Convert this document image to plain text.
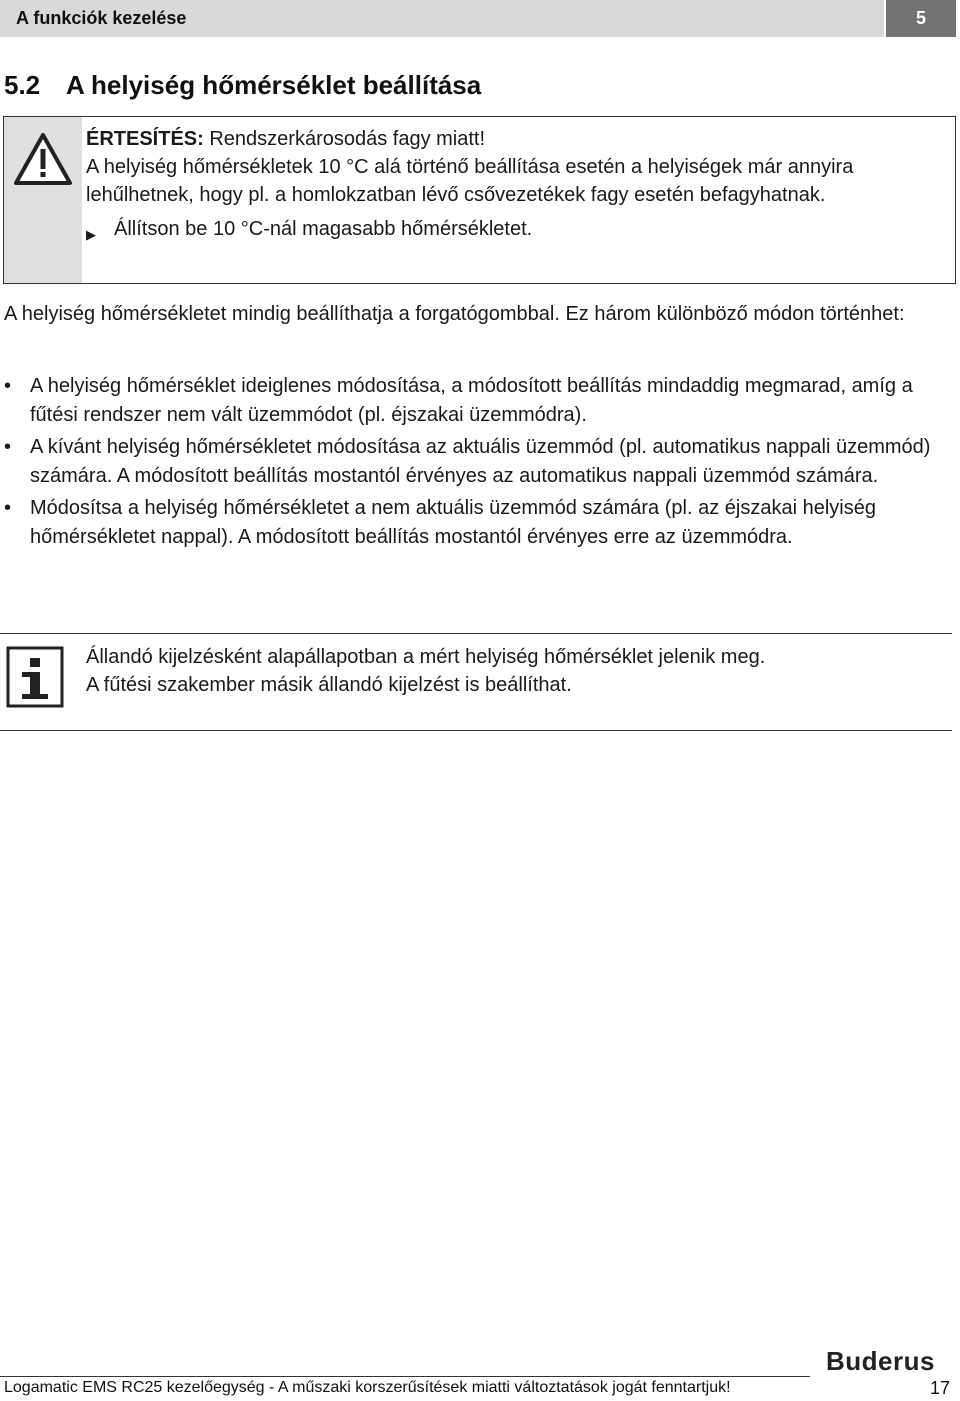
A funkciók kezelése	5
5.2 A helyiség hőmérséklet beállítása
ÉRTESÍTÉS: Rendszerkárosodás fagy miatt!
A helyiség hőmérsékletek 10 °C alá történő beállítása esetén a helyiségek már annyira lehűlhetnek, hogy pl. a homlokzatban lévő csővezetékek fagy esetén befagyhatnak.
▶ Állítson be 10 °C-nál magasabb hőmérsékletet.
A helyiség hőmérsékletet mindig beállíthatja a forgatógombbal. Ez három különböző módon történhet:
• A helyiség hőmérséklet ideiglenes módosítása, a módosított beállítás mindaddig megmarad, amíg a fűtési rendszer nem vált üzemmódot (pl. éjszakai üzemmódra).
• A kívánt helyiség hőmérsékletet módosítása az aktuális üzemmód (pl. automatikus nappali üzemmód) számára. A módosított beállítás mostantól érvényes az automatikus nappali üzemmód számára.
• Módosítsa a helyiség hőmérsékletet a nem aktuális üzemmód számára (pl. az éjszakai helyiség hőmérsékletet nappal). A módosított beállítás mostantól érvényes erre az üzemmódra.
Állandó kijelzésként alapállapotban a mért helyiség hőmérséklet jelenik meg.
A fűtési szakember másik állandó kijelzést is beállíthat.
Buderus
Logamatic EMS RC25 kezelőegység - A műszaki korszerűsítések miatti változtatások jogát fenntartjuk!	17
